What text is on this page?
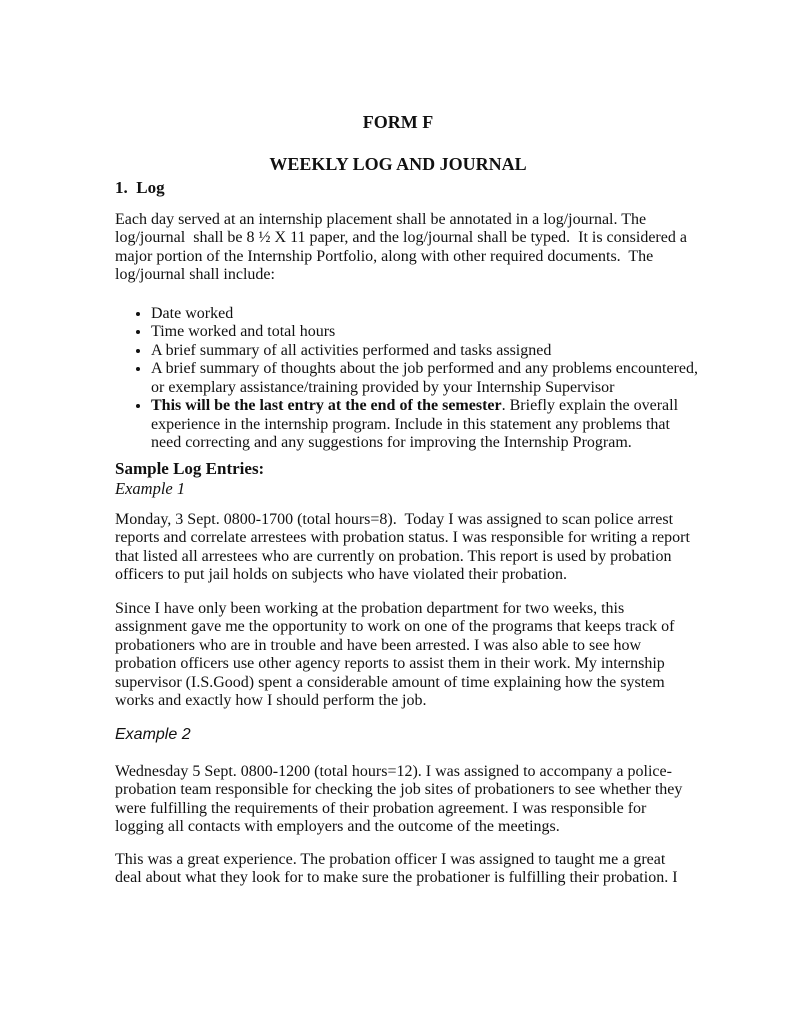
FORM F
WEEKLY LOG AND JOURNAL
1.  Log

Each day served at an internship placement shall be annotated in a log/journal. The
log/journal  shall be 8 ½ X 11 paper, and the log/journal shall be typed.  It is considered a
major portion of the Internship Portfolio, along with other required documents.  The
log/journal shall include:

• Date worked
• Time worked and total hours
• A brief summary of all activities performed and tasks assigned
• A brief summary of thoughts about the job performed and any problems encountered,
or exemplary assistance/training provided by your Internship Supervisor
• This will be the last entry at the end of the semester. Briefly explain the overall
experience in the internship program. Include in this statement any problems that
need correcting and any suggestions for improving the Internship Program.
Sample Log Entries:

Example 1

Monday, 3 Sept. 0800-1700 (total hours=8).  Today I was assigned to scan police arrest
reports and correlate arrestees with probation status. I was responsible for writing a report
that listed all arrestees who are currently on probation. This report is used by probation
officers to put jail holds on subjects who have violated their probation.

Since I have only been working at the probation department for two weeks, this
assignment gave me the opportunity to work on one of the programs that keeps track of
probationers who are in trouble and have been arrested. I was also able to see how
probation officers use other agency reports to assist them in their work. My internship
supervisor (I.S.Good) spent a considerable amount of time explaining how the system
works and exactly how I should perform the job.

Example 2

Wednesday 5 Sept. 0800-1200 (total hours=12). I was assigned to accompany a police-
probation team responsible for checking the job sites of probationers to see whether they
were fulfilling the requirements of their probation agreement. I was responsible for
logging all contacts with employers and the outcome of the meetings.

This was a great experience. The probation officer I was assigned to taught me a great
deal about what they look for to make sure the probationer is fulfilling their probation. I
